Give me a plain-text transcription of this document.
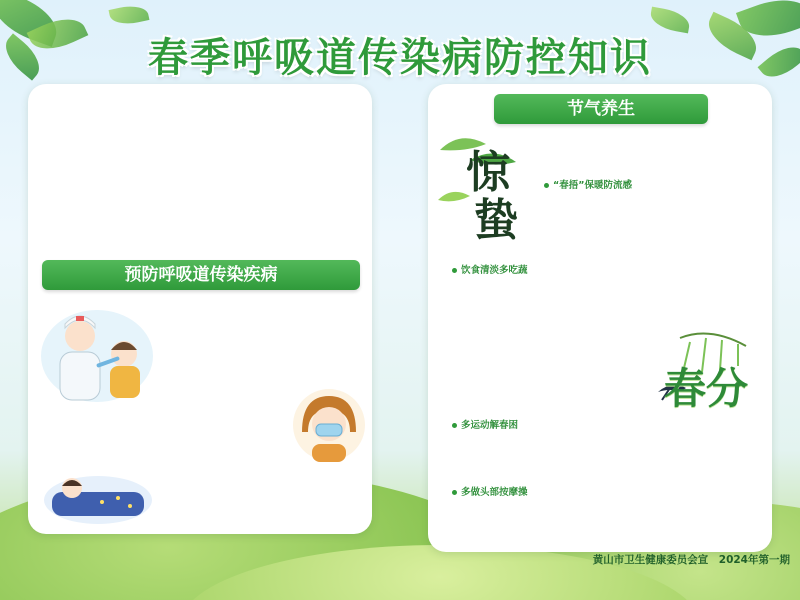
春季呼吸道传染病防控知识

预防呼吸道传染疾病

节气养生
惊
蛰

“春捂”保暖防流感

饮食清淡多吃蔬

春分
多运动解春困

多做头部按摩操

黄山市卫生健康委员会宣　2024年第一期
